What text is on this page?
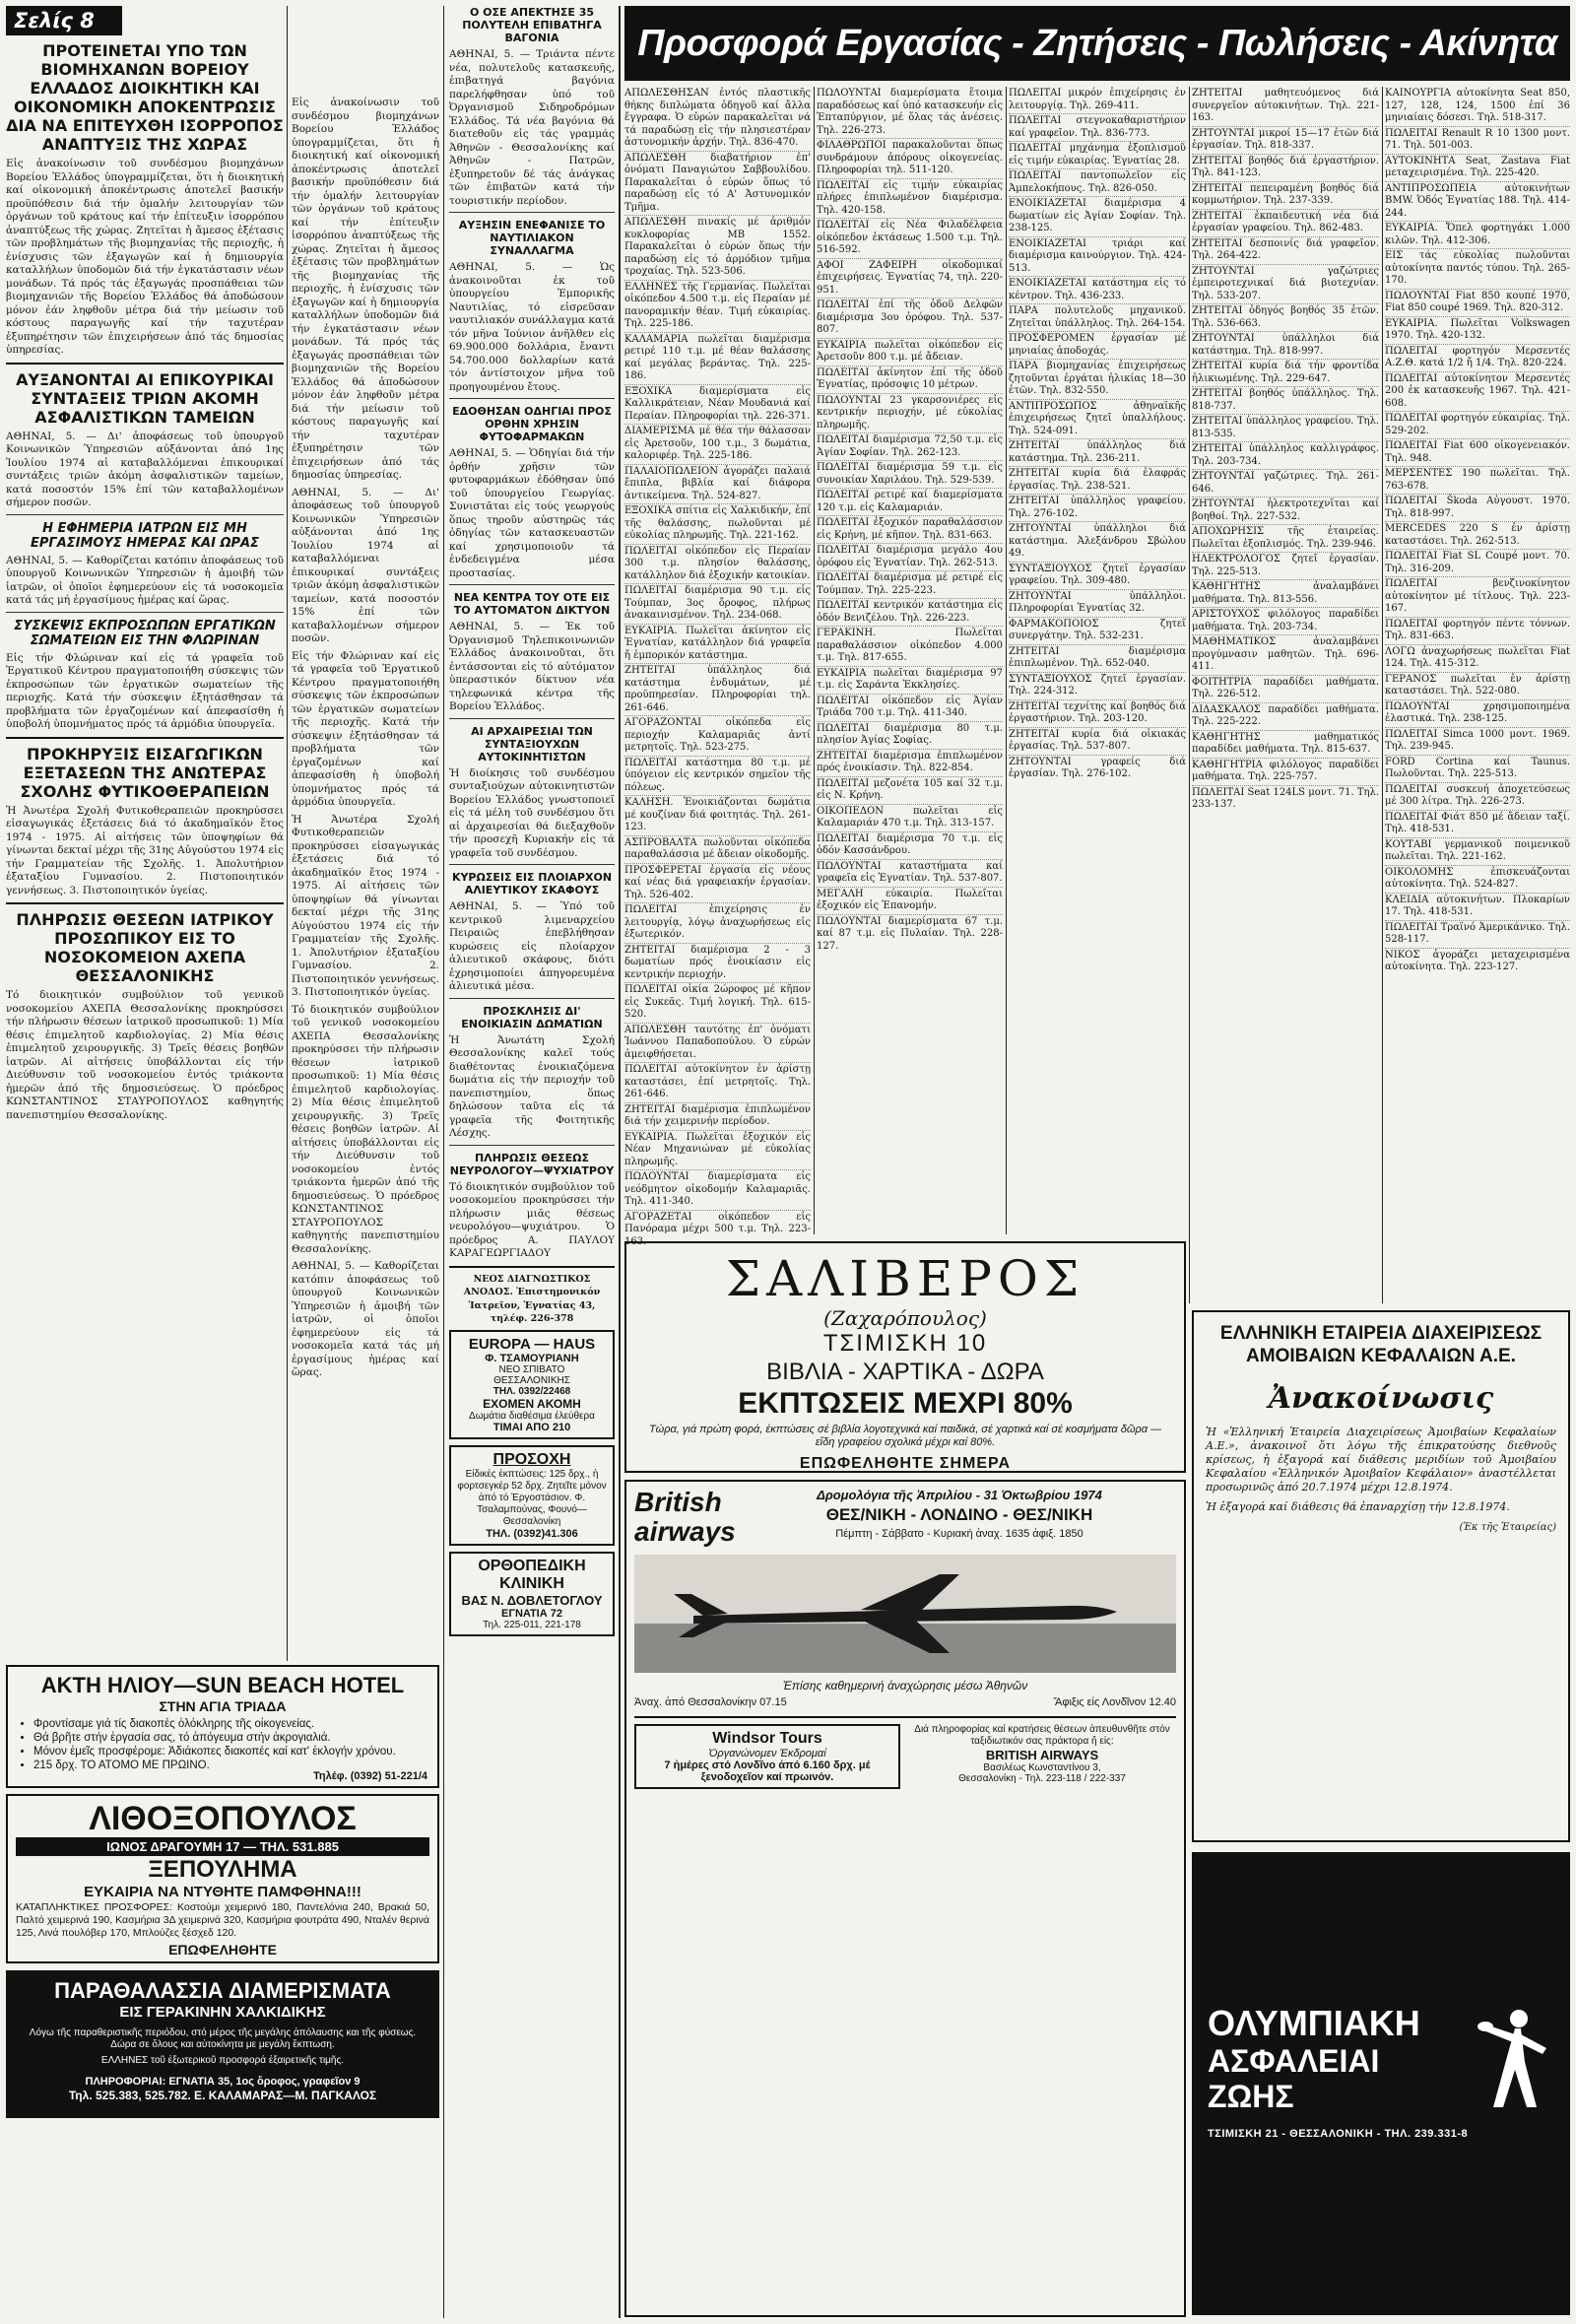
Σελίς 8
ΠΡΟΤΕΙΝΕΤΑΙ ΥΠΟ ΤΩΝ ΒΙΟΜΗΧΑΝΩΝ ΒΟΡΕΙΟΥ ΕΛΛΑΔΟΣ ΔΙΟΙΚΗΤΙΚΗ ΚΑΙ ΟΙΚΟΝΟΜΙΚΗ ΑΠΟΚΕΝΤΡΩΣΙΣ ΔΙΑ ΝΑ ΕΠΙΤΕΥΧΘΗ ΙΣΟΡΡΟΠΟΣ ΑΝΑΠΤΥΞΙΣ ΤΗΣ ΧΩΡΑΣ

Εἰς ἀνακοίνωσιν τοῦ συνδέσμου βιομηχάνων Βορείου Ἑλλάδος ὑπογραμμίζεται, ὅτι ἡ διοικητική καί οἰκονομική ἀποκέντρωσις ἀποτελεῖ βασικήν προϋπόθεσιν διά τήν ὁμαλήν λειτουργίαν τῶν ὀργάνων τοῦ κράτους καί τήν ἐπίτευξιν ἰσορρόπου ἀναπτύξεως τῆς χώρας. Ζητεῖται ἡ ἄμεσος ἐξέτασις τῶν προβλημάτων τῆς βιομηχανίας τῆς περιοχῆς, ἡ ἐνίσχυσις τῶν ἐξαγωγῶν καί ἡ δημιουργία καταλλήλων ὑποδομῶν διά τήν ἐγκατάστασιν νέων μονάδων. Τά πρός τάς ἐξαγωγάς προσπάθειαι τῶν βιομηχανιῶν τῆς Βορείου Ἑλλάδος θά ἀποδώσουν μόνον ἐάν ληφθοῦν μέτρα διά τήν μείωσιν τοῦ κόστους παραγωγῆς καί τήν ταχυτέραν ἐξυπηρέτησιν τῶν ἐπιχειρήσεων ἀπό τάς δημοσίας ὑπηρεσίας.

ΑΥΞΑΝΟΝΤΑΙ ΑΙ ΕΠΙΚΟΥΡΙΚΑΙ ΣΥΝΤΑΞΕΙΣ ΤΡΙΩΝ ΑΚΟΜΗ ΑΣΦΑΛΙΣΤΙΚΩΝ ΤΑΜΕΙΩΝ

ΑΘΗΝΑΙ, 5. — Δι' ἀποφάσεως τοῦ ὑπουργοῦ Κοινωνικῶν Ὑπηρεσιῶν αὐξάνονται ἀπό 1ης Ἰουλίου 1974 αἱ καταβαλλόμεναι ἐπικουρικαί συντάξεις τριῶν ἀκόμη ἀσφαλιστικῶν ταμείων, κατά ποσοστόν 15% ἐπί τῶν καταβαλλομένων σήμερον ποσῶν.

Η ΕΦΗΜΕΡΙΑ ΙΑΤΡΩΝ ΕΙΣ ΜΗ ΕΡΓΑΣΙΜΟΥΣ ΗΜΕΡΑΣ ΚΑΙ ΩΡΑΣ

ΑΘΗΝΑΙ, 5. — Καθορίζεται κατόπιν ἀποφάσεως τοῦ ὑπουργοῦ Κοινωνικῶν Ὑπηρεσιῶν ἡ ἀμοιβή τῶν ἰατρῶν, οἱ ὁποῖοι ἐφημερεύουν εἰς τά νοσοκομεῖα κατά τάς μή ἐργασίμους ἡμέρας καί ὥρας.

ΣΥΣΚΕΨΙΣ ΕΚΠΡΟΣΩΠΩΝ ΕΡΓΑΤΙΚΩΝ ΣΩΜΑΤΕΙΩΝ ΕΙΣ ΤΗΝ ΦΛΩΡΙΝΑΝ

Εἰς τήν Φλώριναν καί εἰς τά γραφεῖα τοῦ Ἐργατικοῦ Κέντρου πραγματοποιήθη σύσκεψις τῶν ἐκπροσώπων τῶν ἐργατικῶν σωματείων τῆς περιοχῆς. Κατά τήν σύσκεψιν ἐξητάσθησαν τά προβλήματα τῶν ἐργαζομένων καί ἀπεφασίσθη ἡ ὑποβολή ὑπομνήματος πρός τά ἁρμόδια ὑπουργεῖα.

ΠΡΟΚΗΡΥΞΙΣ ΕΙΣΑΓΩΓΙΚΩΝ ΕΞΕΤΑΣΕΩΝ ΤΗΣ ΑΝΩΤΕΡΑΣ ΣΧΟΛΗΣ ΦΥΤΙΚΟΘΕΡΑΠΕΙΩΝ

Ἡ Ἀνωτέρα Σχολή Φυτικοθεραπειῶν προκηρύσσει εἰσαγωγικάς ἐξετάσεις διά τό ἀκαδημαϊκόν ἔτος 1974 - 1975. Αἱ αἰτήσεις τῶν ὑποψηφίων θά γίνωνται δεκταί μέχρι τῆς 31ης Αὐγούστου 1974 εἰς τήν Γραμματείαν τῆς Σχολῆς. 1. Ἀπολυτήριον ἑξαταξίου Γυμνασίου. 2. Πιστοποιητικόν γεννήσεως. 3. Πιστοποιητικόν ὑγείας.

ΠΛΗΡΩΣΙΣ ΘΕΣΕΩΝ ΙΑΤΡΙΚΟΥ ΠΡΟΣΩΠΙΚΟΥ ΕΙΣ ΤΟ ΝΟΣΟΚΟΜΕΙΟΝ ΑΧΕΠΑ ΘΕΣΣΑΛΟΝΙΚΗΣ

Τό διοικητικόν συμβούλιον τοῦ γενικοῦ νοσοκομείου ΑΧΕΠΑ Θεσσαλονίκης προκηρύσσει τήν πλήρωσιν θέσεων ἰατρικοῦ προσωπικοῦ: 1) Μία θέσις ἐπιμελητοῦ καρδιολογίας. 2) Μία θέσις ἐπιμελητοῦ χειρουργικῆς. 3) Τρεῖς θέσεις βοηθῶν ἰατρῶν. Αἱ αἰτήσεις ὑποβάλλονται εἰς τήν Διεύθυνσιν τοῦ νοσοκομείου ἐντός τριάκοντα ἡμερῶν ἀπό τῆς δημοσιεύσεως. Ὁ πρόεδρος ΚΩΝΣΤΑΝΤΙΝΟΣ ΣΤΑΥΡΟΠΟΥΛΟΣ καθηγητής πανεπιστημίου Θεσσαλονίκης.

ΑΚΤΗ ΗΛΙΟΥ—SUN BEACH HOTEL
ΣΤΗΝ ΑΓΙΑ ΤΡΙΑΔΑ
• Φροντίσαμε γιά τίς διακοπές ὁλόκληρης τῆς οἰκογενείας.
• Θά βρῆτε στήν ἐργασία σας, τό ἀπόγευμα στήν ἀκρογιαλιά.
• Μόνον ἐμεῖς προσφέρομε: Ἀδιάκοπες διακοπές καί κατ' ἐκλογήν χρόνου.
• 215 δρχ. ΤΟ ΑΤΟΜΟ ΜΕ ΠΡΩΙΝΟ.
Τηλέφ. (0392) 51-221/4
ΛΙΘΟΞΟΠΟΥΛΟΣ
ΙΩΝΟΣ ΔΡΑΓΟΥΜΗ 17 — ΤΗΛ. 531.885
ΞΕΠΟΥΛΗΜΑ
ΕΥΚΑΙΡΙΑ ΝΑ ΝΤΥΘΗΤΕ ΠΑΜΦΘΗΝΑ!!!
ΚΑΤΑΠΛΗΚΤΙΚΕΣ ΠΡΟΣΦΟΡΕΣ: Κοστούμι χειμερινό 180, Παντελόνια 240, Βρακιά 50, Παλτό χειμερινά 190, Κασμήρια 3Δ χειμερινά 320, Κασμήρια φουτράτα 490, Νταλέν θερινά 125, Λινά πουλόβερ 170, Μπλούζες ξέσχεδ 120.
ΕΠΩΦΕΛΗΘΗΤΕ
ΠΑΡΑΘΑΛΑΣΣΙΑ ΔΙΑΜΕΡΙΣΜΑΤΑ
ΕΙΣ ΓΕΡΑΚΙΝΗΝ ΧΑΛΚΙΔΙΚΗΣ
Λόγω τῆς παραθεριστικῆς περιόδου, στό μέρος τῆς μεγάλης ἀπόλαυσης και τῆς φύσεως. Δώρα σε ὅλους και αὐτοκίνητα με μεγάλη ἔκπτωση.
ΕΛΛΗΝΕΣ τοῦ ἐξωτερικοῦ προσφορά ἐξαιρετικῆς τιμῆς.
ΠΛΗΡΟΦΟΡΙΑΙ: ΕΓΝΑΤΙΑ 35, 1ος ὄροφος, γραφεῖον 9
Τηλ. 525.383, 525.782. Ε. ΚΑΛΑΜΑΡΑΣ—Μ. ΠΑΓΚΑΛΟΣ

Εἰς ἀνακοίνωσιν τοῦ συνδέσμου βιομηχάνων Βορείου Ἑλλάδος ὑπογραμμίζεται, ὅτι ἡ διοικητική καί οἰκονομική ἀποκέντρωσις ἀποτελεῖ βασικήν προϋπόθεσιν διά τήν ὁμαλήν λειτουργίαν τῶν ὀργάνων τοῦ κράτους καί τήν ἐπίτευξιν ἰσορρόπου ἀναπτύξεως τῆς χώρας. Ζητεῖται ἡ ἄμεσος ἐξέτασις τῶν προβλημάτων τῆς βιομηχανίας τῆς περιοχῆς, ἡ ἐνίσχυσις τῶν ἐξαγωγῶν καί ἡ δημιουργία καταλλήλων ὑποδομῶν διά τήν ἐγκατάστασιν νέων μονάδων. Τά πρός τάς ἐξαγωγάς προσπάθειαι τῶν βιομηχανιῶν τῆς Βορείου Ἑλλάδος θά ἀποδώσουν μόνον ἐάν ληφθοῦν μέτρα διά τήν μείωσιν τοῦ κόστους παραγωγῆς καί τήν ταχυτέραν ἐξυπηρέτησιν τῶν ἐπιχειρήσεων ἀπό τάς δημοσίας ὑπηρεσίας.

ΑΘΗΝΑΙ, 5. — Δι' ἀποφάσεως τοῦ ὑπουργοῦ Κοινωνικῶν Ὑπηρεσιῶν αὐξάνονται ἀπό 1ης Ἰουλίου 1974 αἱ καταβαλλόμεναι ἐπικουρικαί συντάξεις τριῶν ἀκόμη ἀσφαλιστικῶν ταμείων, κατά ποσοστόν 15% ἐπί τῶν καταβαλλομένων σήμερον ποσῶν.

Εἰς τήν Φλώριναν καί εἰς τά γραφεῖα τοῦ Ἐργατικοῦ Κέντρου πραγματοποιήθη σύσκεψις τῶν ἐκπροσώπων τῶν ἐργατικῶν σωματείων τῆς περιοχῆς. Κατά τήν σύσκεψιν ἐξητάσθησαν τά προβλήματα τῶν ἐργαζομένων καί ἀπεφασίσθη ἡ ὑποβολή ὑπομνήματος πρός τά ἁρμόδια ὑπουργεῖα.

Ἡ Ἀνωτέρα Σχολή Φυτικοθεραπειῶν προκηρύσσει εἰσαγωγικάς ἐξετάσεις διά τό ἀκαδημαϊκόν ἔτος 1974 - 1975. Αἱ αἰτήσεις τῶν ὑποψηφίων θά γίνωνται δεκταί μέχρι τῆς 31ης Αὐγούστου 1974 εἰς τήν Γραμματείαν τῆς Σχολῆς. 1. Ἀπολυτήριον ἑξαταξίου Γυμνασίου. 2. Πιστοποιητικόν γεννήσεως. 3. Πιστοποιητικόν ὑγείας.

Τό διοικητικόν συμβούλιον τοῦ γενικοῦ νοσοκομείου ΑΧΕΠΑ Θεσσαλονίκης προκηρύσσει τήν πλήρωσιν θέσεων ἰατρικοῦ προσωπικοῦ: 1) Μία θέσις ἐπιμελητοῦ καρδιολογίας. 2) Μία θέσις ἐπιμελητοῦ χειρουργικῆς. 3) Τρεῖς θέσεις βοηθῶν ἰατρῶν. Αἱ αἰτήσεις ὑποβάλλονται εἰς τήν Διεύθυνσιν τοῦ νοσοκομείου ἐντός τριάκοντα ἡμερῶν ἀπό τῆς δημοσιεύσεως. Ὁ πρόεδρος ΚΩΝΣΤΑΝΤΙΝΟΣ ΣΤΑΥΡΟΠΟΥΛΟΣ καθηγητής πανεπιστημίου Θεσσαλονίκης.

ΑΘΗΝΑΙ, 5. — Καθορίζεται κατόπιν ἀποφάσεως τοῦ ὑπουργοῦ Κοινωνικῶν Ὑπηρεσιῶν ἡ ἀμοιβή τῶν ἰατρῶν, οἱ ὁποῖοι ἐφημερεύουν εἰς τά νοσοκομεῖα κατά τάς μή ἐργασίμους ἡμέρας καί ὥρας.

Ο ΟΣΕ ΑΠΕΚΤΗΣΕ 35 ΠΟΛΥΤΕΛΗ ΕΠΙΒΑΤΗΓΑ ΒΑΓΟΝΙΑ

ΑΘΗΝΑΙ, 5. — Τριάντα πέντε νέα, πολυτελοῦς κατασκευῆς, ἐπιβατηγά βαγόνια παρελήφθησαν ὑπό τοῦ Ὀργανισμοῦ Σιδηροδρόμων Ἑλλάδος. Τά νέα βαγόνια θά διατεθοῦν εἰς τάς γραμμάς Ἀθηνῶν - Θεσσαλονίκης καί Ἀθηνῶν - Πατρῶν, ἐξυπηρετοῦν δέ τάς ἀνάγκας τῶν ἐπιβατῶν κατά τήν τουριστικήν περίοδον.

ΑΥΞΗΣΙΝ ΕΝΕΦΑΝΙΣΕ ΤΟ ΝΑΥΤΙΛΙΑΚΟΝ ΣΥΝΑΛΛΑΓΜΑ

ΑΘΗΝΑΙ, 5. — Ὡς ἀνακοινοῦται ἐκ τοῦ ὑπουργείου Ἐμπορικῆς Ναυτιλίας, τό εἰσρεῦσαν ναυτιλιακόν συνάλλαγμα κατά τόν μῆνα Ἰούνιον ἀνῆλθεν εἰς 69.900.000 δολλάρια, ἔναντι 54.700.000 δολλαρίων κατά τόν ἀντίστοιχον μῆνα τοῦ προηγουμένου ἔτους.

ΕΔΟΘΗΣΑΝ ΟΔΗΓΙΑΙ ΠΡΟΣ ΟΡΘΗΝ ΧΡΗΣΙΝ ΦΥΤΟΦΑΡΜΑΚΩΝ

ΑΘΗΝΑΙ, 5. — Ὁδηγίαι διά τήν ὀρθήν χρῆσιν τῶν φυτοφαρμάκων ἐδόθησαν ὑπό τοῦ ὑπουργείου Γεωργίας. Συνιστᾶται εἰς τούς γεωργούς ὅπως τηροῦν αὐστηρῶς τάς ὁδηγίας τῶν κατασκευαστῶν καί χρησιμοποιοῦν τά ἐνδεδειγμένα μέσα προστασίας.

ΝΕΑ ΚΕΝΤΡΑ ΤΟΥ ΟΤΕ ΕΙΣ ΤΟ ΑΥΤΟΜΑΤΟΝ ΔΙΚΤΥΟΝ

ΑΘΗΝΑΙ, 5. — Ἐκ τοῦ Ὀργανισμοῦ Τηλεπικοινωνιῶν Ἑλλάδος ἀνακοινοῦται, ὅτι ἐντάσσονται εἰς τό αὐτόματον ὑπεραστικόν δίκτυον νέα τηλεφωνικά κέντρα τῆς Βορείου Ἑλλάδος.

ΑΙ ΑΡΧΑΙΡΕΣΙΑΙ ΤΩΝ ΣΥΝΤΑΞΙΟΥΧΩΝ ΑΥΤΟΚΙΝΗΤΙΣΤΩΝ

Ἡ διοίκησις τοῦ συνδέσμου συνταξιούχων αὐτοκινητιστῶν Βορείου Ἑλλάδος γνωστοποιεῖ εἰς τά μέλη τοῦ συνδέσμου ὅτι αἱ ἀρχαιρεσίαι θά διεξαχθοῦν τήν προσεχῆ Κυριακήν εἰς τά γραφεῖα τοῦ συνδέσμου.

ΚΥΡΩΣΕΙΣ ΕΙΣ ΠΛΟΙΑΡΧΟΝ ΑΛΙΕΥΤΙΚΟΥ ΣΚΑΦΟΥΣ

ΑΘΗΝΑΙ, 5. — Ὑπό τοῦ κεντρικοῦ λιμεναρχείου Πειραιῶς ἐπεβλήθησαν κυρώσεις εἰς πλοίαρχον ἁλιευτικοῦ σκάφους, διότι ἐχρησιμοποίει ἀπηγορευμένα ἁλιευτικά μέσα.

ΠΡΟΣΚΛΗΣΙΣ ΔΙ' ΕΝΟΙΚΙΑΣΙΝ ΔΩΜΑΤΙΩΝ

Ἡ Ἀνωτάτη Σχολή Θεσσαλονίκης καλεῖ τούς διαθέτοντας ἐνοικιαζόμενα δωμάτια εἰς τήν περιοχήν τοῦ πανεπιστημίου, ὅπως δηλώσουν ταῦτα εἰς τά γραφεῖα τῆς Φοιτητικῆς Λέσχης.

ΠΛΗΡΩΣΙΣ ΘΕΣΕΩΣ ΝΕΥΡΟΛΟΓΟΥ—ΨΥΧΙΑΤΡΟΥ

Τό διοικητικόν συμβούλιον τοῦ νοσοκομείου προκηρύσσει τήν πλήρωσιν μιᾶς θέσεως νευρολόγου—ψυχιάτρου. Ὁ πρόεδρος Α. ΠΑΥΛΟΥ ΚΑΡΑΓΕΩΡΓΙΑΔΟΥ

ΝΕΟΣ ΔΙΑΓΝΩΣΤΙΚΟΣ ΑΝΟΔΟΣ. Ἐπιστημονικόν Ἰατρεῖον, Ἐγνατίας 43, τηλέφ. 226-378

EUROPA — HAUS
Φ. ΤΣΑΜΟΥΡΙΑΝΗ
ΝΕΟ ΣΠΙΒΑΤΟ
ΘΕΣΣΑΛΟΝΙΚΗΣ
ΤΗΛ. 0392/22468
ΕΧΟΜΕΝ ΑΚΟΜΗ
Δωμάτια διαθέσιμα ἐλεύθερα
ΤΙΜΑΙ ΑΠΟ 210
ΠΡΟΣΟΧΗ
Εἰδικές ἐκπτώσεις: 125 δρχ., ἡ φορτσεγκέρ 52 δρχ. Ζητεῖτε μόνον ἀπό τό Ἐργοστάσιον. Φ. Τσαλαμπούνας, Φουνό—Θεσσαλονίκη
ΤΗΛ. (0392)41.306
ΟΡΘΟΠΕΔΙΚΗ ΚΛΙΝΙΚΗ
ΒΑΣ Ν. ΔΟΒΛΕΤΟΓΛΟΥ
ΕΓΝΑΤΙΑ 72
Τηλ. 225-011, 221-178
Προσφορά Εργασίας - Ζητήσεις - Πωλήσεις - Ακίνητα

ΑΠΩΛΕΣΘΗΣΑΝ ἐντός πλαστικῆς θήκης διπλώματα ὁδηγοῦ καί ἄλλα ἔγγραφα. Ὁ εὑρών παρακαλεῖται νά τά παραδώσῃ εἰς τήν πλησιεστέραν ἀστυνομικήν ἀρχήν. Τηλ. 836-470.

ΑΠΩΛΕΣΘΗ διαβατήριον ἐπ' ὀνόματι Παναγιώτου Σαββουλίδου. Παρακαλεῖται ὁ εὑρών ὅπως τό παραδώσῃ εἰς τό Α' Ἀστυνομικόν Τμῆμα.

ΑΠΩΛΕΣΘΗ πινακίς μέ ἀριθμόν κυκλοφορίας ΜΒ 1552. Παρακαλεῖται ὁ εὑρών ὅπως τήν παραδώσῃ εἰς τό ἁρμόδιον τμῆμα τροχαίας. Τηλ. 523-506.

ΕΛΛΗΝΕΣ τῆς Γερμανίας. Πωλεῖται οἰκόπεδον 4.500 τ.μ. εἰς Περαίαν μέ πανοραμικήν θέαν. Τιμή εὐκαιρίας. Τηλ. 225-186.

ΚΑΛΑΜΑΡΙΑ πωλεῖται διαμέρισμα ρετιρέ 110 τ.μ. μέ θέαν θαλάσσης καί μεγάλας βεράντας. Τηλ. 225-186.

ΕΞΟΧΙΚΑ διαμερίσματα εἰς Καλλικράτειαν, Νέαν Μουδανιά καί Περαίαν. Πληροφορίαι τηλ. 226-371.

ΔΙΑΜΕΡΙΣΜΑ μέ θέα τήν θάλασσαν εἰς Ἀρετσοῦν, 100 τ.μ., 3 δωμάτια, καλοριφέρ. Τηλ. 225-186.

ΠΑΛΑΙΟΠΩΛΕΙΟΝ ἀγοράζει παλαιά ἔπιπλα, βιβλία καί διάφορα ἀντικείμενα. Τηλ. 524-827.

ΕΞΟΧΙΚΑ σπίτια εἰς Χαλκιδικήν, ἐπί τῆς θαλάσσης, πωλοῦνται μέ εὐκολίας πληρωμῆς. Τηλ. 221-162.

ΠΩΛΕΙΤΑΙ οἰκόπεδον εἰς Περαίαν 300 τ.μ. πλησίον θαλάσσης, κατάλληλον διά ἐξοχικήν κατοικίαν.

ΠΩΛΕΙΤΑΙ διαμέρισμα 90 τ.μ. εἰς Τούμπαν, 3ος ὄροφος, πλήρως ἀνακαινισμένον. Τηλ. 234-068.

ΕΥΚΑΙΡΙΑ. Πωλεῖται ἀκίνητον εἰς Ἐγνατίαν, κατάλληλον διά γραφεῖα ἤ ἐμπορικόν κατάστημα.

ΖΗΤΕΙΤΑΙ ὑπάλληλος διά κατάστημα ἐνδυμάτων, μέ προϋπηρεσίαν. Πληροφορίαι τηλ. 261-646.

ΑΓΟΡΑΖΟΝΤΑΙ οἰκόπεδα εἰς περιοχήν Καλαμαριᾶς ἀντί μετρητοῖς. Τηλ. 523-275.

ΠΩΛΕΙΤΑΙ κατάστημα 80 τ.μ. μέ ὑπόγειον εἰς κεντρικόν σημεῖον τῆς πόλεως.

ΚΑΛΗΣΗ. Ἐνοικιάζονται δωμάτια μέ κουζίναν διά φοιτητάς. Τηλ. 261-123.

ΑΣΠΡΟΒΑΛΤΑ πωλοῦνται οἰκόπεδα παραθαλάσσια μέ ἄδειαν οἰκοδομῆς.

ΠΡΟΣΦΕΡΕΤΑΙ ἐργασία εἰς νέους καί νέας διά γραφειακήν ἐργασίαν. Τηλ. 526-402.

ΠΩΛΕΙΤΑΙ ἐπιχείρησις ἐν λειτουργίᾳ, λόγῳ ἀναχωρήσεως εἰς ἐξωτερικόν.

ΖΗΤΕΙΤΑΙ διαμέρισμα 2 - 3 δωματίων πρός ἐνοικίασιν εἰς κεντρικήν περιοχήν.

ΠΩΛΕΙΤΑΙ οἰκία 2ώροφος μέ κῆπον εἰς Συκεᾶς. Τιμή λογική. Τηλ. 615-520.

ΑΠΩΛΕΣΘΗ ταυτότης ἐπ' ὀνόματι Ἰωάννου Παπαδοπούλου. Ὁ εὑρών ἀμειφθήσεται.

ΠΩΛΕΙΤΑΙ αὐτοκίνητον ἐν ἀρίστῃ καταστάσει, ἐπί μετρητοῖς. Τηλ. 261-646.

ΖΗΤΕΙΤΑΙ διαμέρισμα ἐπιπλωμένον διά τήν χειμερινήν περίοδον.

ΕΥΚΑΙΡΙΑ. Πωλεῖται ἐξοχικόν εἰς Νέαν Μηχανιώναν μέ εὐκολίας πληρωμῆς.

ΠΩΛΟΥΝΤΑΙ διαμερίσματα εἰς νεόδμητον οἰκοδομήν Καλαμαριᾶς. Τηλ. 411-340.

ΑΓΟΡΑΖΕΤΑΙ οἰκόπεδον εἰς Πανόραμα μέχρι 500 τ.μ. Τηλ. 223-163.

ΠΩΛΟΥΝΤΑΙ διαμερίσματα ἕτοιμα παραδόσεως καί ὑπό κατασκευήν εἰς Ἐπταπύργιον, μέ ὅλας τάς ἀνέσεις. Τηλ. 226-273.

ΦΙΛΑΘΡΩΠΟΙ παρακαλοῦνται ὅπως συνδράμουν ἀπόρους οἰκογενείας. Πληροφορίαι τηλ. 511-120.

ΠΩΛΕΙΤΑΙ εἰς τιμήν εὐκαιρίας πλήρες ἐπιπλωμένον διαμέρισμα. Τηλ. 420-158.

ΠΩΛΕΙΤΑΙ εἰς Νέα Φιλαδέλφεια οἰκόπεδον ἐκτάσεως 1.500 τ.μ. Τηλ. 516-592.

ΑΦΟΙ ΖΑΦΕΙΡΗ οἰκοδομικαί ἐπιχειρήσεις. Ἐγνατίας 74, τηλ. 220-951.

ΠΩΛΕΙΤΑΙ ἐπί τῆς ὁδοῦ Δελφῶν διαμέρισμα 3ου ὀρόφου. Τηλ. 537-807.

ΕΥΚΑΙΡΙΑ πωλεῖται οἰκόπεδον εἰς Ἀρετσοῦν 800 τ.μ. μέ ἄδειαν.

ΠΩΛΕΙΤΑΙ ἀκίνητον ἐπί τῆς ὁδοῦ Ἐγνατίας, πρόσοψις 10 μέτρων.

ΠΩΛΟΥΝΤΑΙ 23 γκαρσονιέρες εἰς κεντρικήν περιοχήν, μέ εὐκολίας πληρωμῆς.

ΠΩΛΕΙΤΑΙ διαμέρισμα 72,50 τ.μ. εἰς Ἀγίαν Σοφίαν. Τηλ. 262-123.

ΠΩΛΕΙΤΑΙ διαμέρισμα 59 τ.μ. εἰς συνοικίαν Χαριλάου. Τηλ. 529-539.

ΠΩΛΕΙΤΑΙ ρετιρέ καί διαμερίσματα 120 τ.μ. εἰς Καλαμαριάν.

ΠΩΛΕΙΤΑΙ ἐξοχικόν παραθαλάσσιον εἰς Κρήνη, μέ κῆπον. Τηλ. 831-663.

ΠΩΛΕΙΤΑΙ διαμέρισμα μεγάλο 4ου ὀρόφου εἰς Ἐγνατίαν. Τηλ. 262-513.

ΠΩΛΕΙΤΑΙ διαμέρισμα μέ ρετιρέ εἰς Τούμπαν. Τηλ. 225-223.

ΠΩΛΕΙΤΑΙ κεντρικόν κατάστημα εἰς ὁδόν Βενιζέλου. Τηλ. 226-223.

ΓΕΡΑΚΙΝΗ. Πωλεῖται παραθαλάσσιον οἰκόπεδον 4.000 τ.μ. Τηλ. 817-655.

ΕΥΚΑΙΡΙΑ πωλεῖται διαμέρισμα 97 τ.μ. εἰς Σαράντα Ἐκκλησίες.

ΠΩΛΕΙΤΑΙ οἰκόπεδον εἰς Ἀγίαν Τριάδα 700 τ.μ. Τηλ. 411-340.

ΠΩΛΕΙΤΑΙ διαμέρισμα 80 τ.μ. πλησίον Ἀγίας Σοφίας.

ΖΗΤΕΙΤΑΙ διαμέρισμα ἐπιπλωμένον πρός ἐνοικίασιν. Τηλ. 822-854.

ΠΩΛΕΙΤΑΙ μεζονέτα 105 καί 32 τ.μ. εἰς Ν. Κρήνη.

ΟΙΚΟΠΕΔΟΝ πωλεῖται εἰς Καλαμαριάν 470 τ.μ. Τηλ. 313-157.

ΠΩΛΕΙΤΑΙ διαμέρισμα 70 τ.μ. εἰς ὁδόν Κασσάνδρου.

ΠΩΛΟΥΝΤΑΙ καταστήματα καί γραφεῖα εἰς Ἐγνατίαν. Τηλ. 537-807.

ΜΕΓΑΛΗ εὐκαιρία. Πωλεῖται ἐξοχικόν εἰς Ἐπανομήν.

ΠΩΛΟΥΝΤΑΙ διαμερίσματα 67 τ.μ. καί 87 τ.μ. εἰς Πυλαίαν. Τηλ. 228-127.

ΠΩΛΕΙΤΑΙ μικρόν ἐπιχείρησις ἐν λειτουργίᾳ. Τηλ. 269-411.

ΠΩΛΕΙΤΑΙ στεγνοκαθαριστήριον καί γραφεῖον. Τηλ. 836-773.

ΠΩΛΕΙΤΑΙ μηχάνημα ἐξοπλισμοῦ εἰς τιμήν εὐκαιρίας. Ἐγνατίας 28.

ΠΩΛΕΙΤΑΙ παντοπωλεῖον εἰς Ἀμπελοκήπους. Τηλ. 826-050.

ΕΝΟΙΚΙΑΖΕΤΑΙ διαμέρισμα 4 δωματίων εἰς Ἀγίαν Σοφίαν. Τηλ. 238-125.

ΕΝΟΙΚΙΑΖΕΤΑΙ τριάρι καί διαμέρισμα καινούργιον. Τηλ. 424-513.

ΕΝΟΙΚΙΑΖΕΤΑΙ κατάστημα εἰς τό κέντρον. Τηλ. 436-233.

ΠΑΡΑ πολυτελοῦς μηχανικοῦ. Ζητεῖται ὑπάλληλος. Τηλ. 264-154.

ΠΡΟΣΦΕΡΟΜΕΝ ἐργασίαν μέ μηνιαίας ἀποδοχάς.

ΠΑΡΑ βιομηχανίας ἐπιχειρήσεως ζητοῦνται ἐργάται ἡλικίας 18—30 ἐτῶν. Τηλ. 832-550.

ΑΝΤΙΠΡΟΣΩΠΟΣ ἀθηναϊκῆς ἐπιχειρήσεως ζητεῖ ὑπαλλήλους. Τηλ. 524-091.

ΖΗΤΕΙΤΑΙ ὑπάλληλος διά κατάστημα. Τηλ. 236-211.

ΖΗΤΕΙΤΑΙ κυρία διά ἐλαφράς ἐργασίας. Τηλ. 238-521.

ΖΗΤΕΙΤΑΙ ὑπάλληλος γραφείου. Τηλ. 276-102.

ΖΗΤΟΥΝΤΑΙ ὑπάλληλοι διά κατάστημα. Ἀλεξάνδρου Σβώλου 49.

ΣΥΝΤΑΞΙΟΥΧΟΣ ζητεῖ ἐργασίαν γραφείου. Τηλ. 309-480.

ΖΗΤΟΥΝΤΑΙ ὑπάλληλοι. Πληροφορίαι Ἐγνατίας 32.

ΦΑΡΜΑΚΟΠΟΙΟΣ ζητεῖ συνεργάτην. Τηλ. 532-231.

ΖΗΤΕΙΤΑΙ διαμέρισμα ἐπιπλωμένον. Τηλ. 652-040.

ΣΥΝΤΑΞΙΟΥΧΟΣ ζητεῖ ἐργασίαν. Τηλ. 224-312.

ΖΗΤΕΙΤΑΙ τεχνίτης καί βοηθός διά ἐργαστήριον. Τηλ. 203-120.

ΖΗΤΕΙΤΑΙ κυρία διά οἰκιακάς ἐργασίας. Τηλ. 537-807.

ΖΗΤΟΥΝΤΑΙ γραφείς διά ἐργασίαν. Τηλ. 276-102.

ΖΗΤΕΙΤΑΙ μαθητευόμενος διά συνεργεῖον αὐτοκινήτων. Τηλ. 221-163.

ΖΗΤΟΥΝΤΑΙ μικροί 15—17 ἐτῶν διά ἐργασίαν. Τηλ. 818-337.

ΖΗΤΕΙΤΑΙ βοηθός διά ἐργαστήριον. Τηλ. 841-123.

ΖΗΤΕΙΤΑΙ πεπειραμένη βοηθός διά κομμωτήριον. Τηλ. 237-339.

ΖΗΤΕΙΤΑΙ ἐκπαιδευτική νέα διά ἐργασίαν γραφείου. Τηλ. 862-483.

ΖΗΤΕΙΤΑΙ δεσποινίς διά γραφεῖον. Τηλ. 264-422.

ΖΗΤΟΥΝΤΑΙ γαζώτριες ἐμπειροτεχνικαί διά βιοτεχνίαν. Τηλ. 533-207.

ΖΗΤΕΙΤΑΙ ὁδηγός βοηθός 35 ἐτῶν. Τηλ. 536-663.

ΖΗΤΟΥΝΤΑΙ ὑπάλληλοι διά κατάστημα. Τηλ. 818-997.

ΖΗΤΕΙΤΑΙ κυρία διά τήν φροντίδα ἡλικιωμένης. Τηλ. 229-647.

ΖΗΤΕΙΤΑΙ βοηθός ὑπάλληλος. Τηλ. 818-737.

ΖΗΤΕΙΤΑΙ ὑπάλληλος γραφείου. Τηλ. 813-535.

ΖΗΤΕΙΤΑΙ ὑπάλληλος καλλιγράφος. Τηλ. 203-734.

ΖΗΤΟΥΝΤΑΙ γαζώτριες. Τηλ. 261-646.

ΖΗΤΟΥΝΤΑΙ ἡλεκτροτεχνῖται καί βοηθοί. Τηλ. 227-532.

ΑΠΟΧΩΡΗΣΙΣ τῆς ἑταιρείας. Πωλεῖται ἐξοπλισμός. Τηλ. 239-946.

ΗΛΕΚΤΡΟΛΟΓΟΣ ζητεῖ ἐργασίαν. Τηλ. 225-513.

ΚΑΘΗΓΗΤΗΣ ἀναλαμβάνει μαθήματα. Τηλ. 813-556.

ΑΡΙΣΤΟΥΧΟΣ φιλόλογος παραδίδει μαθήματα. Τηλ. 203-734.

ΜΑΘΗΜΑΤΙΚΟΣ ἀναλαμβάνει προγύμνασιν μαθητῶν. Τηλ. 696-411.

ΦΟΙΤΗΤΡΙΑ παραδίδει μαθήματα. Τηλ. 226-512.

ΔΙΔΑΣΚΑΛΟΣ παραδίδει μαθήματα. Τηλ. 225-222.

ΚΑΘΗΓΗΤΗΣ μαθηματικός παραδίδει μαθήματα. Τηλ. 815-637.

ΚΑΘΗΓΗΤΡΙΑ φιλόλογος παραδίδει μαθήματα. Τηλ. 225-757.

ΠΩΛΕΙΤΑΙ Seat 124LS μοντ. 71. Τηλ. 233-137.

ΚΑΙΝΟΥΡΓΙΑ αὐτοκίνητα Seat 850, 127, 128, 124, 1500 ἐπί 36 μηνιαίαις δόσεσι. Τηλ. 518-317.

ΠΩΛΕΙΤΑΙ Renault R 10 1300 μοντ. 71. Τηλ. 501-003.

ΑΥΤΟΚΙΝΗΤΑ Seat, Zastava Fiat μεταχειρισμένα. Τηλ. 225-420.

ΑΝΤΙΠΡΟΣΩΠΕΙΑ αὐτοκινήτων BMW. Ὁδός Ἐγνατίας 188. Τηλ. 414-244.

ΕΥΚΑΙΡΙΑ. Ὄπελ φορτηγάκι 1.000 κιλῶν. Τηλ. 412-306.

ΕΙΣ τάς εὐκολίας πωλοῦνται αὐτοκίνητα παντός τύπου. Τηλ. 265-170.

ΠΩΛΟΥΝΤΑΙ Fiat 850 κουπέ 1970, Fiat 850 coupé 1969. Τηλ. 820-312.

ΕΥΚΑΙΡΙΑ. Πωλεῖται Volkswagen 1970. Τηλ. 420-132.

ΠΩΛΕΙΤΑΙ φορτηγόν Μερσεντές Α.Ζ.Θ. κατά 1/2 ἤ 1/4. Τηλ. 820-224.

ΠΩΛΕΙΤΑΙ αὐτοκίνητον Μερσεντές 200 ἐκ κατασκευῆς 1967. Τηλ. 421-608.

ΠΩΛΕΙΤΑΙ φορτηγόν εὐκαιρίας. Τηλ. 529-202.

ΠΩΛΕΙΤΑΙ Fiat 600 οἰκογενειακόν. Τηλ. 948.

ΜΕΡΣΕΝΤΕΣ 190 πωλεῖται. Τηλ. 763-678.

ΠΩΛΕΙΤΑΙ Škoda Αὐγουστ. 1970. Τηλ. 818-997.

MERCEDES 220 S ἐν ἀρίστῃ καταστάσει. Τηλ. 262-513.

ΠΩΛΕΙΤΑΙ Fiat SL Coupé μοντ. 70. Τηλ. 316-209.

ΠΩΛΕΙΤΑΙ βενζινοκίνητον αὐτοκίνητον μέ τίτλους. Τηλ. 223-167.

ΠΩΛΕΙΤΑΙ φορτηγόν πέντε τόννων. Τηλ. 831-663.

ΛΟΓΩ ἀναχωρήσεως πωλεῖται Fiat 124. Τηλ. 415-312.

ΓΕΡΑΝΟΣ πωλεῖται ἐν ἀρίστῃ καταστάσει. Τηλ. 522-080.

ΠΩΛΟΥΝΤΑΙ χρησιμοποιημένα ἐλαστικά. Τηλ. 238-125.

ΠΩΛΕΙΤΑΙ Simca 1000 μοντ. 1969. Τηλ. 239-945.

FORD Cortina καί Taunus. Πωλοῦνται. Τηλ. 225-513.

ΠΩΛΕΙΤΑΙ συσκευή ἀποχετεύσεως μέ 300 λίτρα. Τηλ. 226-273.

ΠΩΛΕΙΤΑΙ Φιάτ 850 μέ ἄδειαν ταξί. Τηλ. 418-531.

ΚΟΥΤΑΒΙ γερμανικοῦ ποιμενικοῦ πωλεῖται. Τηλ. 221-162.

ΟΙΚΟΛΟΜΗΣ ἐπισκευάζονται αὐτοκίνητα. Τηλ. 524-827.

ΚΛΕΙΔΙΑ αὐτοκινήτων. Πλοκαρίων 17. Τηλ. 418-531.

ΠΩΛΕΙΤΑΙ Τραϊνό Ἀμερικάνικο. Τηλ. 528-117.

ΝΙΚΟΣ ἀγοράζει μεταχειρισμένα αὐτοκίνητα. Τηλ. 223-127.

ΣΑΛΙΒΕΡΟΣ
(Ζαχαρόπουλος)
ΤΣΙΜΙΣΚΗ 10
ΒΙΒΛΙΑ - ΧΑΡΤΙΚΑ - ΔΩΡΑ
ΕΚΠΤΩΣΕΙΣ ΜΕΧΡΙ 80%
Τώρα, γιά πρώτη φορά, ἐκπτώσεις σέ βιβλία λογοτεχνικά καί παιδικά, σέ χαρτικά καί σέ κοσμήματα δῶρα — εἴδη γραφείου σχολικά μέχρι καί 80%.
ΕΠΩΦΕΛΗΘΗΤΕ ΣΗΜΕΡΑ
British
airways
Δρομολόγια τῆς Ἀπριλίου - 31 Ὀκτωβρίου 1974
ΘΕΣ/ΝΙΚΗ - ΛΟΝΔΙΝΟ - ΘΕΣ/ΝΙΚΗ
Πέμπτη - Σάββατο - Κυριακή ἀναχ. 1635 ἀφιξ. 1850
Ἐπίσης καθημερινή ἀναχώρησις μέσω Ἀθηνῶν
Ἀναχ. ἀπό Θεσσαλονίκην 07.15	Ἄφιξις εἰς Λονδῖνον 12.40
Windsor Tours
Ὀργανώνομεν Ἐκδρομαί
7 ἡμέρες στό Λονδῖνο ἀπό 6.160 δρχ. μέ ξενοδοχεῖον καί πρωινόν.
Διά πληροφορίας καί κρατήσεις θέσεων ἀπευθυνθῆτε στόν ταξιδιωτικόν σας πράκτορα ἤ εἰς:
BRITISH AIRWAYS
Βασιλέως Κωνσταντίνου 3,
Θεσσαλονίκη - Τηλ. 223-118 / 222-337
ΕΛΛΗΝΙΚΗ ΕΤΑΙΡΕΙΑ ΔΙΑΧΕΙΡΙΣΕΩΣ
ΑΜΟΙΒΑΙΩΝ ΚΕΦΑΛΑΙΩΝ Α.Ε.
Ἀνακοίνωσις
Ἡ «Ἑλληνική Ἑταιρεία Διαχειρίσεως Ἀμοιβαίων Κεφαλαίων Α.Ε.», ἀνακοινοῖ ὅτι λόγω τῆς ἐπικρατούσης διεθνοῦς κρίσεως, ἡ ἐξαγορά καί διάθεσις μεριδίων τοῦ Ἀμοιβαίου Κεφαλαίου «Ἑλληνικόν Ἀμοιβαῖον Κεφάλαιον» ἀναστέλλεται προσωρινῶς ἀπό 20.7.1974 μέχρι 12.8.1974.
Ἡ ἐξαγορά καί διάθεσις θά ἐπαναρχίσῃ τήν 12.8.1974.
(Ἐκ τῆς Ἑταιρείας)
ΟΛΥΜΠΙΑΚΗ
ΑΣΦΑΛΕΙΑΙ
ΖΩΗΣ
ΤΣΙΜΙΣΚΗ 21 - ΘΕΣΣΑΛΟΝΙΚΗ - ΤΗΛ. 239.331-8
